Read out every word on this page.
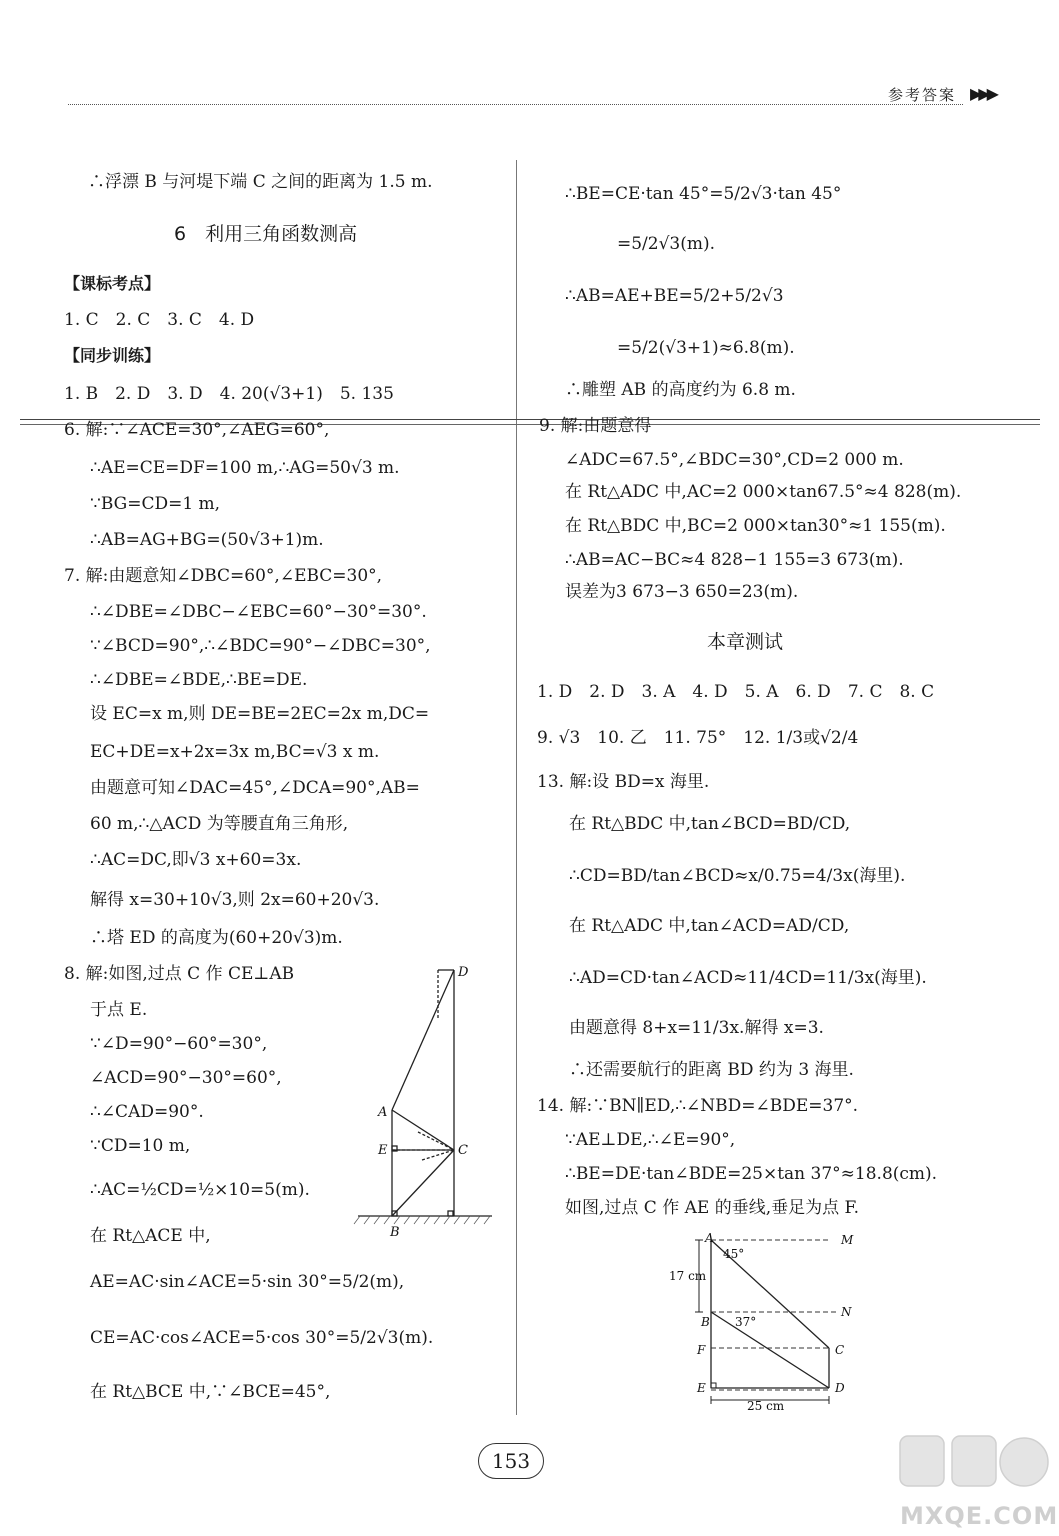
参考答案 ▶▶▶
∴浮漂 B 与河堤下端 C 之间的距离为 1.5 m.
6　利用三角函数测高
【课标考点】
1. C　2. C　3. C　4. D
【同步训练】
1. B　2. D　3. D　4. 20(√3+1)　5. 135
6. 解:∵∠ACE=30°,∠AEG=60°,
∴AE=CE=DF=100 m,∴AG=50√3 m.
∵BG=CD=1 m,
∴AB=AG+BG=(50√3+1)m.
7. 解:由题意知∠DBC=60°,∠EBC=30°,
∴∠DBE=∠DBC−∠EBC=60°−30°=30°.
∵∠BCD=90°,∴∠BDC=90°−∠DBC=30°,
∴∠DBE=∠BDE,∴BE=DE.
设 EC=x m,则 DE=BE=2EC=2x m,DC=
EC+DE=x+2x=3x m,BC=√3 x m.
由题意可知∠DAC=45°,∠DCA=90°,AB=
60 m,∴△ACD 为等腰直角三角形,
∴AC=DC,即√3 x+60=3x.
解得 x=30+10√3,则 2x=60+20√3.
∴塔 ED 的高度为(60+20√3)m.
8. 解:如图,过点 C 作 CE⊥AB
于点 E.
∵∠D=90°−60°=30°,
∠ACD=90°−30°=60°,
∴∠CAD=90°.
∵CD=10 m,
∴AC=½CD=½×10=5(m).
在 Rt△ACE 中,
AE=AC·sin∠ACE=5·sin 30°=5/2(m),
CE=AC·cos∠ACE=5·cos 30°=5/2√3(m).
在 Rt△BCE 中,∵∠BCE=45°,
D
A
E	C
B
∴BE=CE·tan 45°=5/2√3·tan 45°
=5/2√3(m).
∴AB=AE+BE=5/2+5/2√3
=5/2(√3+1)≈6.8(m).
∴雕塑 AB 的高度约为 6.8 m.
9. 解:由题意得
∠ADC=67.5°,∠BDC=30°,CD=2 000 m.
在 Rt△ADC 中,AC=2 000×tan67.5°≈4 828(m).
在 Rt△BDC 中,BC=2 000×tan30°≈1 155(m).
∴AB=AC−BC≈4 828−1 155=3 673(m).
误差为3 673−3 650=23(m).
本章测试
1. D　2. D　3. A　4. D　5. A　6. D　7. C　8. C
9. √3　10. 乙　11. 75°　12. 1/3或√2/4
13. 解:设 BD=x 海里.
在 Rt△BDC 中,tan∠BCD=BD/CD,
∴CD=BD/tan∠BCD≈x/0.75=4/3x(海里).
在 Rt△ADC 中,tan∠ACD=AD/CD,
∴AD=CD·tan∠ACD≈11/4CD=11/3x(海里).
由题意得 8+x=11/3x.解得 x=3.
∴还需要航行的距离 BD 约为 3 海里.
14. 解:∵BN∥ED,∴∠NBD=∠BDE=37°.
∵AE⊥DE,∴∠E=90°,
∴BE=DE·tan∠BDE=25×tan 37°≈18.8(cm).
如图,过点 C 作 AE 的垂线,垂足为点 F.
A	M
45°
17 cm
N
B 37°
F	C
E	D
25 cm
153
MXQE.COM
